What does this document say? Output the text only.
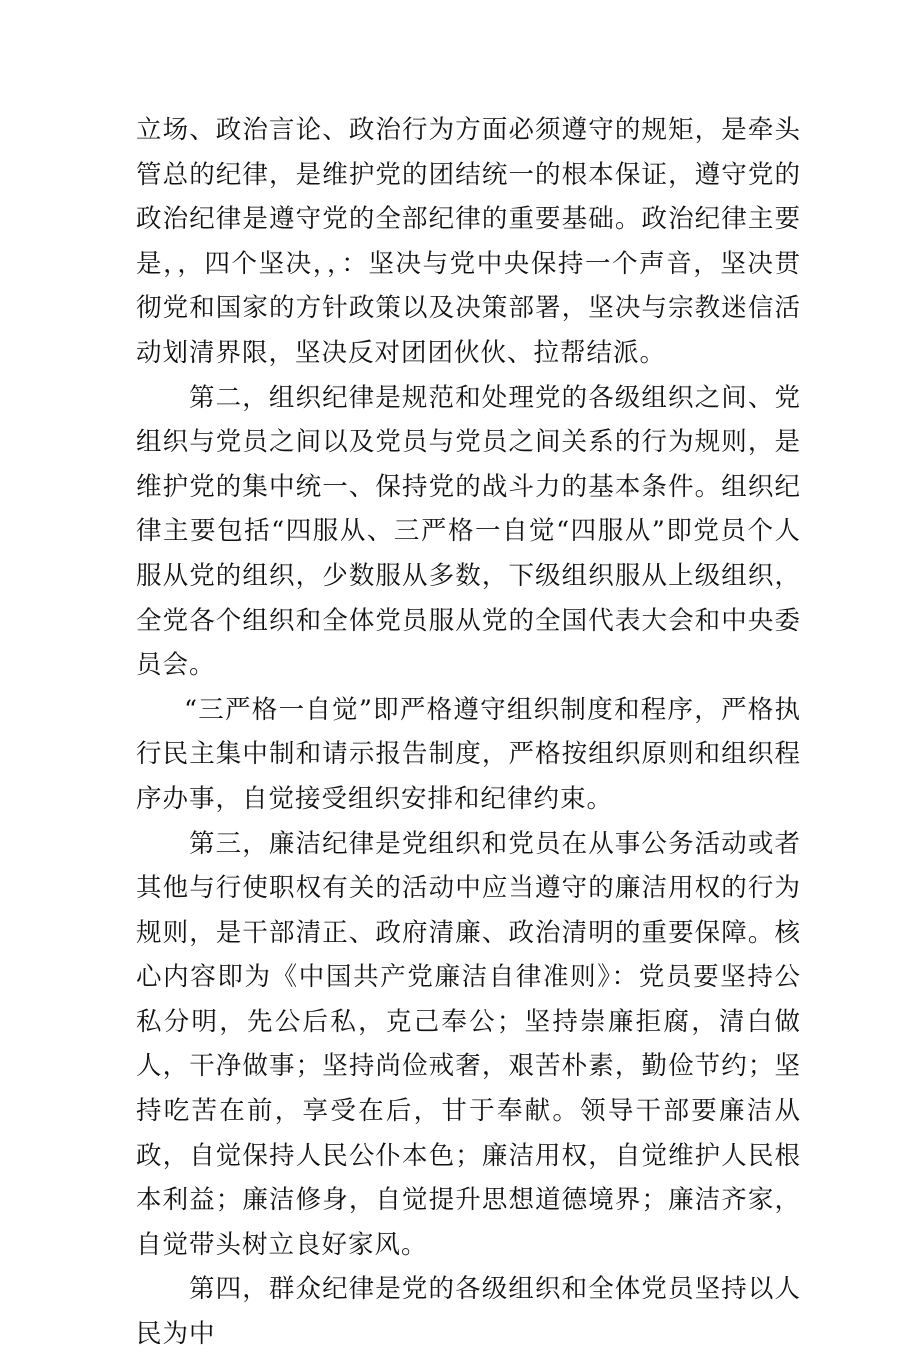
立场、政治言论、政治行为方面必须遵守的规矩，是牵头管总的纪律，是维护党的团结统一的根本保证，遵守党的政治纪律是遵守党的全部纪律的重要基础。政治纪律主要是，，四个坚决，，：坚决与党中央保持一个声音，坚决贯彻党和国家的方针政策以及决策部署，坚决与宗教迷信活动划清界限，坚决反对团团伙伙、拉帮结派。

第二，组织纪律是规范和处理党的各级组织之间、党组织与党员之间以及党员与党员之间关系的行为规则，是维护党的集中统一、保持党的战斗力的基本条件。组织纪律主要包括“四服从、三严格一自觉“四服从”即党员个人服从党的组织，少数服从多数，下级组织服从上级组织，全党各个组织和全体党员服从党的全国代表大会和中央委员会。

“三严格一自觉”即严格遵守组织制度和程序，严格执行民主集中制和请示报告制度，严格按组织原则和组织程序办事，自觉接受组织安排和纪律约束。

第三，廉洁纪律是党组织和党员在从事公务活动或者其他与行使职权有关的活动中应当遵守的廉洁用权的行为规则，是干部清正、政府清廉、政治清明的重要保障。核心内容即为《中国共产党廉洁自律准则》：党员要坚持公私分明，先公后私，克己奉公；坚持崇廉拒腐，清白做人，干净做事；坚持尚俭戒奢，艰苦朴素，勤俭节约；坚持吃苦在前，享受在后，甘于奉献。领导干部要廉洁从政，自觉保持人民公仆本色；廉洁用权，自觉维护人民根本利益；廉洁修身，自觉提升思想道德境界；廉洁齐家，自觉带头树立良好家风。

第四，群众纪律是党的各级组织和全体党员坚持以人民为中
